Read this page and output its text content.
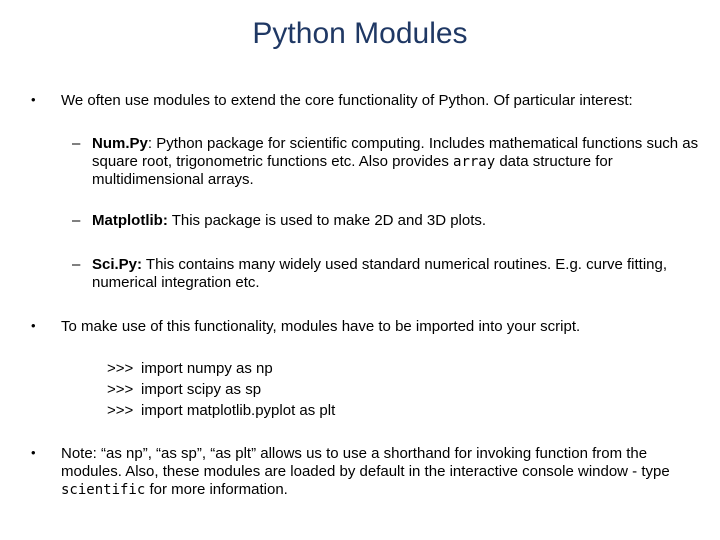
Python Modules
• We often use modules to extend the core functionality of Python. Of particular interest:
– Num.Py: Python package for scientific computing. Includes mathematical functions such as square root, trigonometric functions etc. Also provides array data structure for multidimensional arrays.
– Matplotlib: This package is used to make 2D and 3D plots.
– Sci.Py: This contains many widely used standard numerical routines. E.g. curve fitting, numerical integration etc.
• To make use of this functionality, modules have to be imported into your script.
>>> import numpy as np
>>> import scipy as sp
>>> import matplotlib.pyplot as plt
• Note: “as np”, “as sp”, “as plt” allows us to use a shorthand for invoking function from the modules. Also, these modules are loaded by default in the interactive console window - type scientific for more information.
